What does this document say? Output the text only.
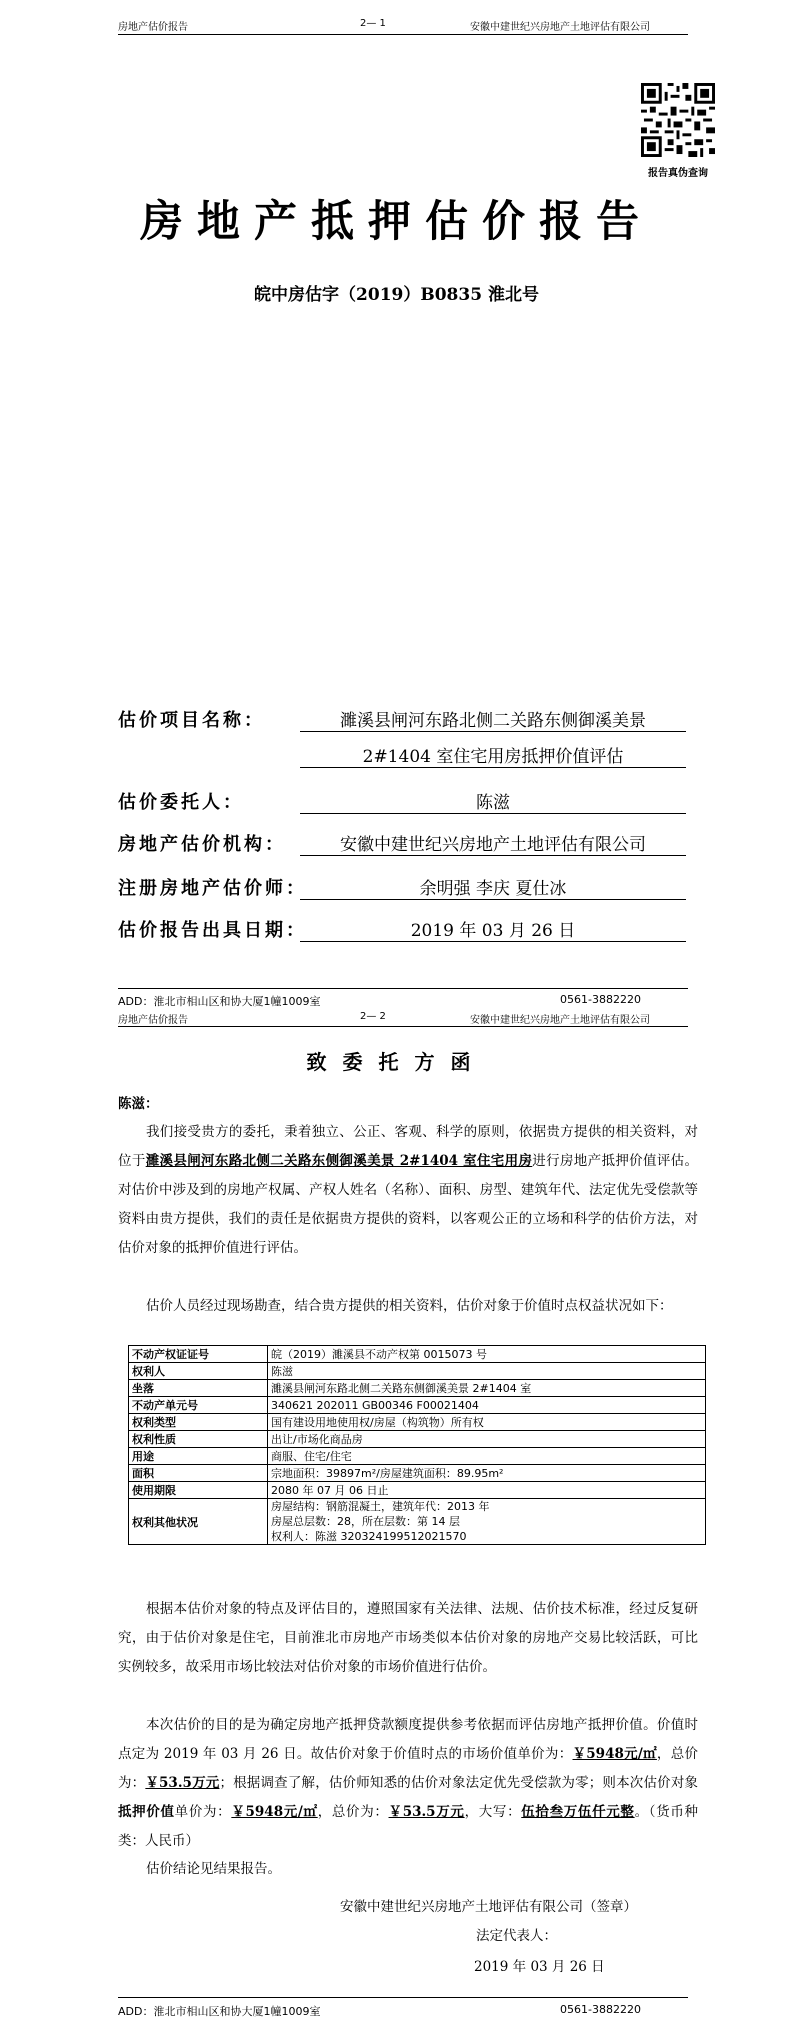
房地产估价报告	2— 1	安徽中建世纪兴房地产土地评估有限公司
报告真伪查询
房地产抵押估价报告
皖中房估字（2019）B0835 淮北号
估价项目名称：	濉溪县闸河东路北侧二关路东侧御溪美景
2#1404 室住宅用房抵押价值评估
估价委托人：	陈滋
房地产估价机构：	安徽中建世纪兴房地产土地评估有限公司
注册房地产估价师：	余明强 李庆 夏仕冰
估价报告出具日期：	2019 年 03 月 26 日
ADD：淮北市相山区和协大厦1幢1009室	0561-3882220
房地产估价报告	2— 2	安徽中建世纪兴房地产土地评估有限公司
致委托方函
陈滋：
我们接受贵方的委托，秉着独立、公正、客观、科学的原则，依据贵方提供的相关资料，对位于濉溪县闸河东路北侧二关路东侧御溪美景 2#1404 室住宅用房进行房地产抵押价值评估。对估价中涉及到的房地产权属、产权人姓名（名称）、面积、房型、建筑年代、法定优先受偿款等资料由贵方提供，我们的责任是依据贵方提供的资料，以客观公正的立场和科学的估价方法，对估价对象的抵押价值进行评估。
估价人员经过现场勘查，结合贵方提供的相关资料，估价对象于价值时点权益状况如下：
不动产权证证号	皖（2019）濉溪县不动产权第 0015073 号

权利人	陈滋

坐落	濉溪县闸河东路北侧二关路东侧御溪美景 2#1404 室

不动产单元号	340621 202011 GB00346 F00021404

权利类型	国有建设用地使用权/房屋（构筑物）所有权

权利性质	出让/市场化商品房

用途	商服、住宅/住宅

面积	宗地面积：39897m²/房屋建筑面积：89.95m²

使用期限	2080 年 07 月 06 日止

权利其他状况	房屋结构：钢筋混凝土，建筑年代：2013 年
房屋总层数：28，所在层数：第 14 层
权利人：陈滋 320324199512021570
根据本估价对象的特点及评估目的，遵照国家有关法律、法规、估价技术标准，经过反复研究，由于估价对象是住宅，目前淮北市房地产市场类似本估价对象的房地产交易比较活跃，可比实例较多，故采用市场比较法对估价对象的市场价值进行估价。
本次估价的目的是为确定房地产抵押贷款额度提供参考依据而评估房地产抵押价值。价值时点定为 2019 年 03 月 26 日。故估价对象于价值时点的市场价值单价为：￥5948元/㎡，总价为：￥53.5万元；根据调查了解，估价师知悉的估价对象法定优先受偿款为零；则本次估价对象抵押价值单价为：￥5948元/㎡，总价为：￥53.5万元，大写：伍拾叁万伍仟元整。（货币种类：人民币）
估价结论见结果报告。
安徽中建世纪兴房地产土地评估有限公司（签章）
法定代表人：
2019 年 03 月 26 日
ADD：淮北市相山区和协大厦1幢1009室	0561-3882220
